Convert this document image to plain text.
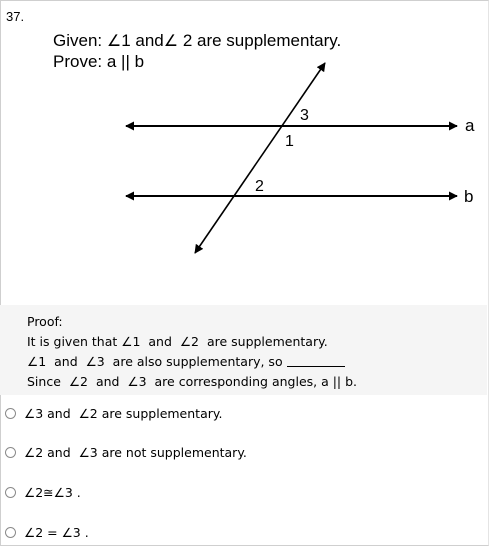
37.
Given: ∠1 and∠ 2 are supplementary.
Prove: a || b
3
1
2
a
b
Proof:
It is given that ∠1  and  ∠2  are supplementary.
∠1  and  ∠3  are also supplementary, so
Since  ∠2  and  ∠3  are corresponding angles, a || b.
∠3 and  ∠2 are supplementary.
∠2 and  ∠3 are not supplementary.
∠2≅∠3 .
∠2 = ∠3 .
